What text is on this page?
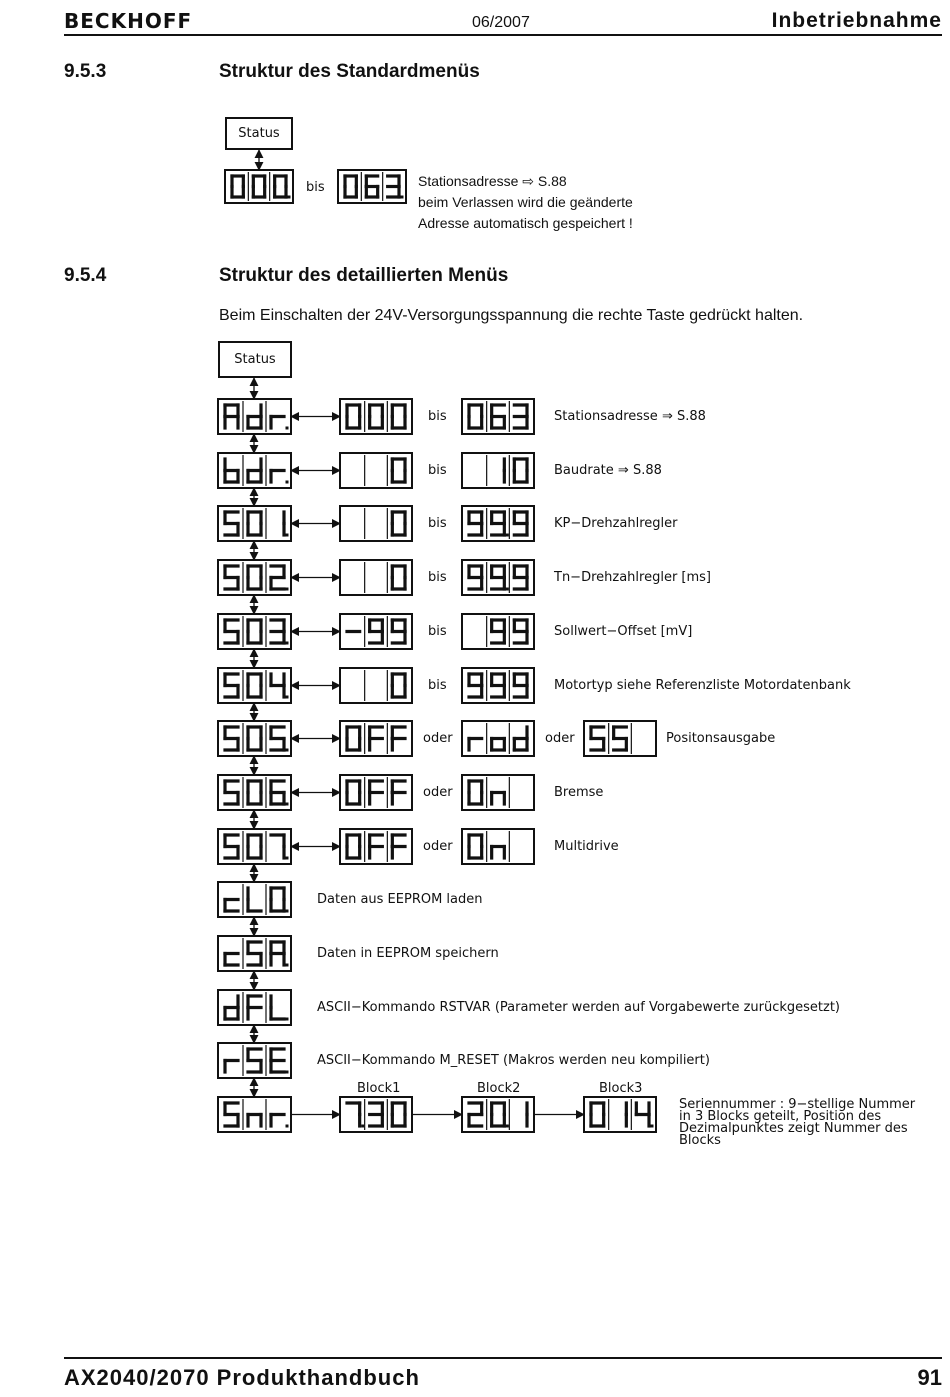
BECKHOFF	06/2007	Inbetriebnahme
9.5.3	Struktur des Standardmenüs
Status
bis	Stationsadresse ⇨ S.88
beim Verlassen wird die geänderte
Adresse automatisch gespeichert !
9.5.4	Struktur des detaillierten Menüs
Beim Einschalten der 24V-Versorgungsspannung die rechte Taste gedrückt halten.
Status
bis	Stationsadresse ⇒ S.88
bis	Baudrate ⇒ S.88
bis	KP−Drehzahlregler
bis	Tn−Drehzahlregler [ms]
bis	Sollwert−Offset [mV]
bis	Motortyp siehe Referenzliste Motordatenbank
oder	oder	Positonsausgabe
oder	Bremse
oder	Multidrive
Daten aus EEPROM laden
Daten in EEPROM speichern
ASCII−Kommando RSTVAR (Parameter werden auf Vorgabewerte zurückgesetzt)
ASCII−Kommando M_RESET (Makros werden neu kompiliert)
Block1	Block2	Block3
Seriennummer : 9−stellige Nummer
in 3 Blocks geteilt, Position des
Dezimalpunktes zeigt Nummer des Blocks
AX2040/2070 Produkthandbuch	91
